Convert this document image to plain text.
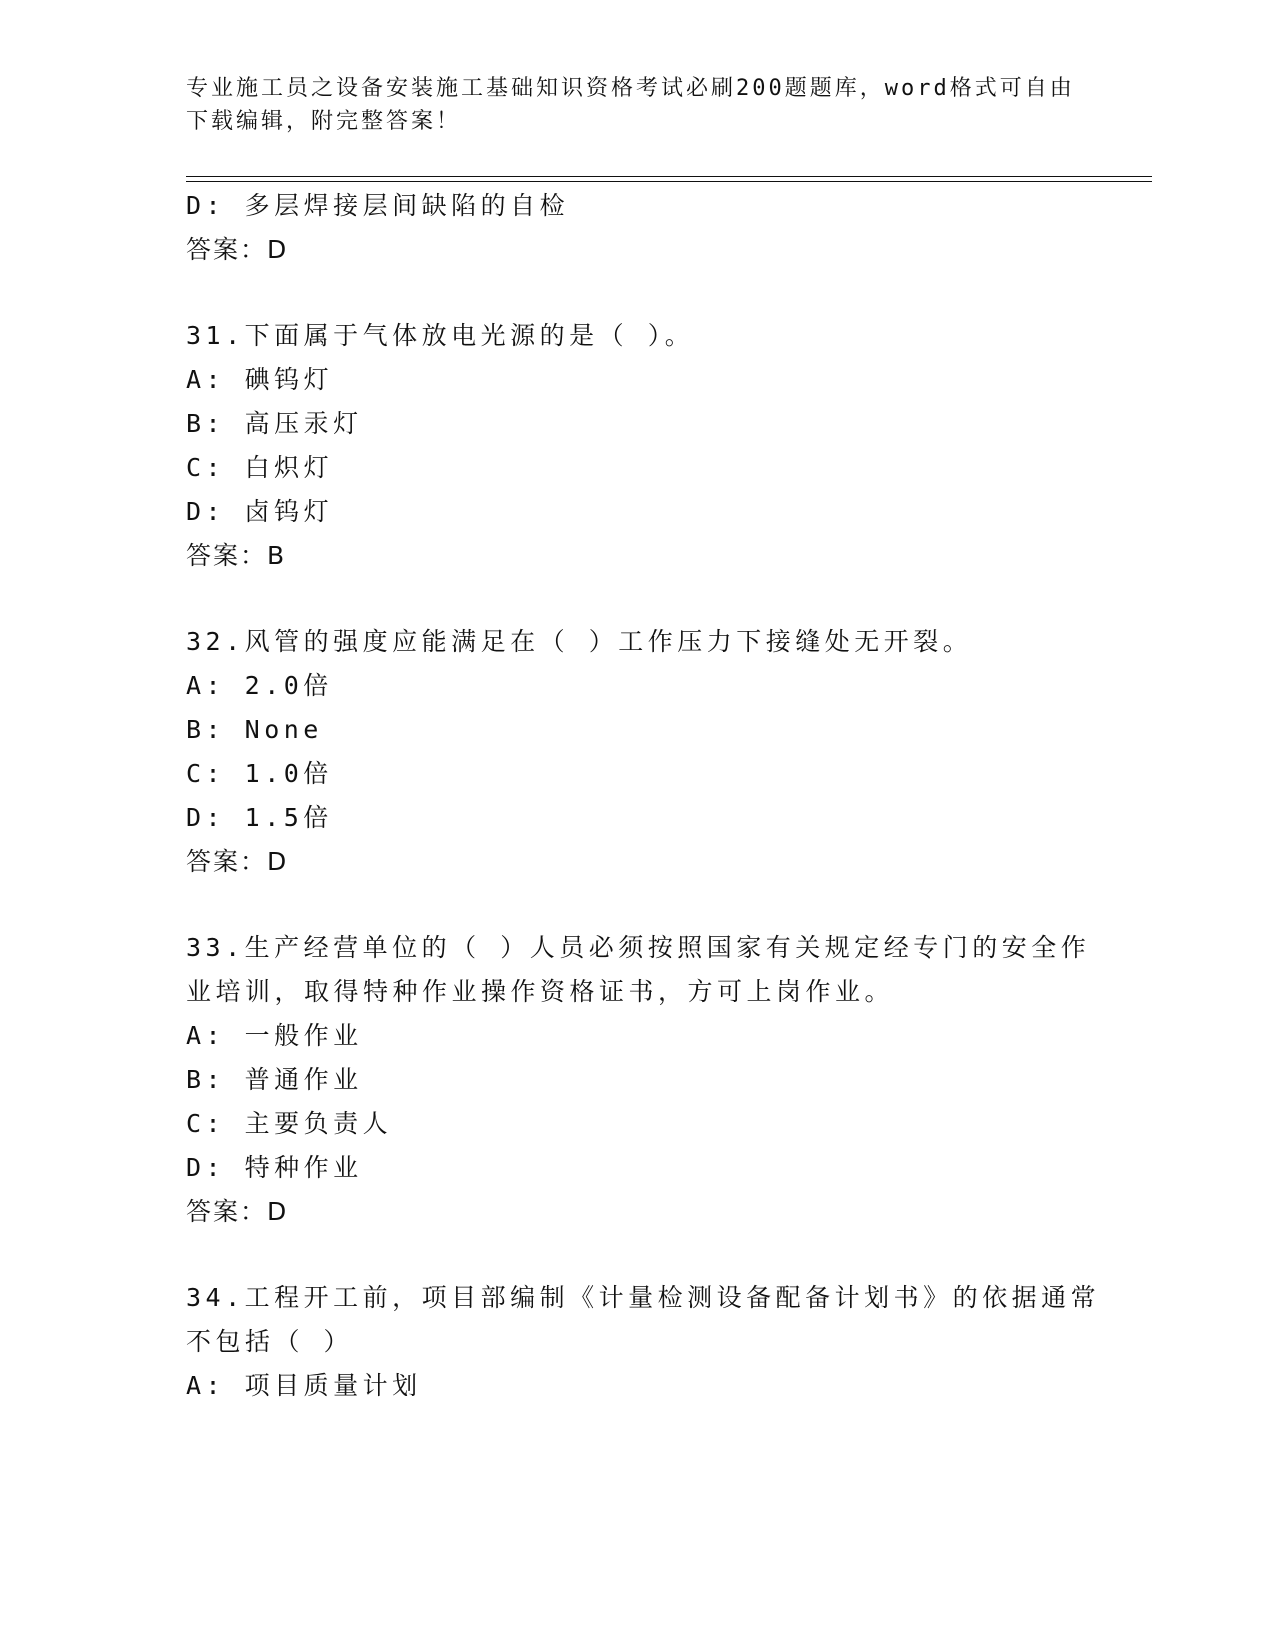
专业施工员之设备安装施工基础知识资格考试必刷200题题库，word格式可自由
下载编辑，附完整答案！
D: 多层焊接层间缺陷的自检
答案：D
31.下面属于气体放电光源的是（ ）。
A: 碘钨灯
B: 高压汞灯
C: 白炽灯
D: 卤钨灯
答案：B
32.风管的强度应能满足在（ ）工作压力下接缝处无开裂。
A: 2.0倍
B: None
C: 1.0倍
D: 1.5倍
答案：D
33.生产经营单位的（ ）人员必须按照国家有关规定经专门的安全作
业培训，取得特种作业操作资格证书，方可上岗作业。
A: 一般作业
B: 普通作业
C: 主要负责人
D: 特种作业
答案：D
34.工程开工前，项目部编制《计量检测设备配备计划书》的依据通常
不包括（ ）
A: 项目质量计划
